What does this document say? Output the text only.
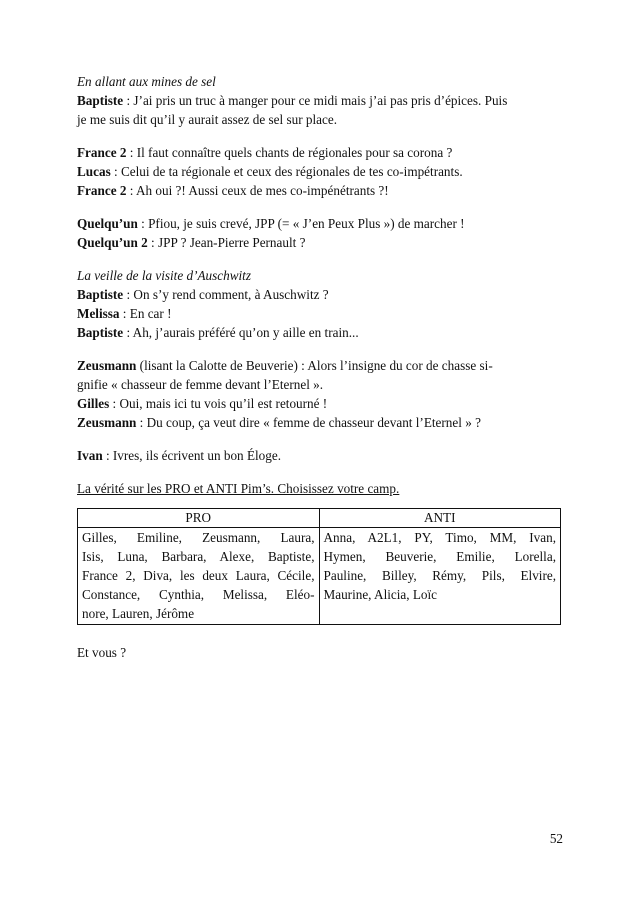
En allant aux mines de sel

Baptiste : J’ai pris un truc à manger pour ce midi mais j’ai pas pris d’épices. Puis

je me suis dit qu’il y aurait assez de sel sur place.

France 2 : Il faut connaître quels chants de régionales pour sa corona ?

Lucas : Celui de ta régionale et ceux des régionales de tes co-impétrants.

France 2 : Ah oui ?! Aussi ceux de mes co-impénétrants ?!

Quelqu’un : Pfiou, je suis crevé, JPP (= « J’en Peux Plus ») de marcher !

Quelqu’un 2 : JPP ? Jean-Pierre Pernault ?

La veille de la visite d’Auschwitz

Baptiste : On s’y rend comment, à Auschwitz ?

Melissa : En car !

Baptiste : Ah, j’aurais préféré qu’on y aille en train...

Zeusmann (lisant la Calotte de Beuverie) : Alors l’insigne du cor de chasse si-

gnifie « chasseur de femme devant l’Eternel ».

Gilles : Oui, mais ici tu vois qu’il est retourné !

Zeusmann : Du coup, ça veut dire « femme de chasseur devant l’Eternel » ?

Ivan : Ivres, ils écrivent un bon Éloge.

La vérité sur les PRO et ANTI Pim’s. Choisissez votre camp.

PRO	ANTI

Gilles, Emiline, Zeusmann, Laura,
Isis, Luna, Barbara, Alexe, Baptiste,
France 2, Diva, les deux Laura, Cécile,
Constance, Cynthia, Melissa, Eléo-
nore, Lauren, Jérôme	Anna, A2L1, PY, Timo, MM, Ivan,
Hymen, Beuverie, Emilie, Lorella,
Pauline, Billey, Rémy, Pils, Elvire,
Maurine, Alicia, Loïc

Et vous ?

52
